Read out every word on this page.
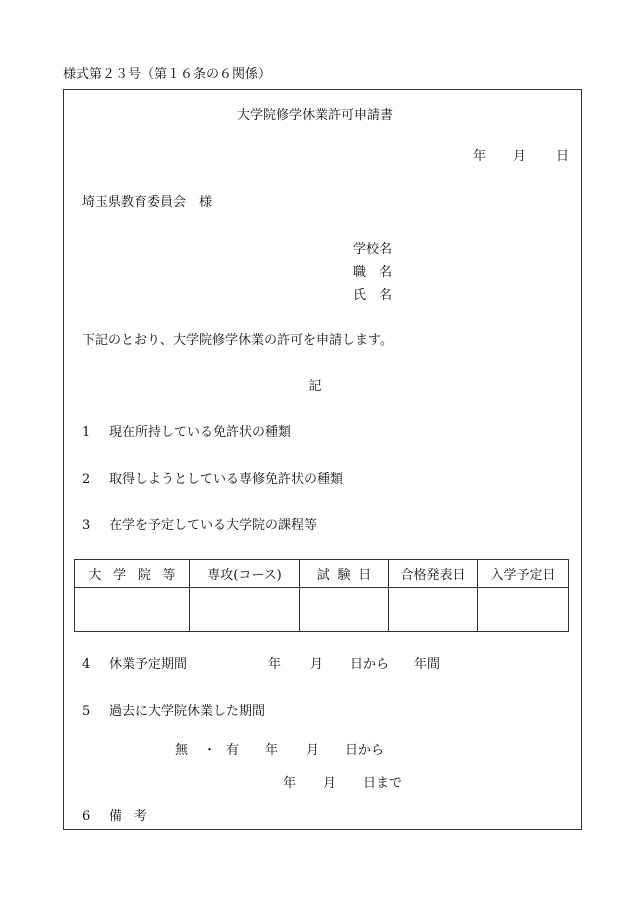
様式第２３号（第１６条の６関係）
大学院修学休業許可申請書
年 月 日
埼玉県教育委員会　様
学校名
職 名
氏 名
下記のとおり、大学院修学休業の許可を申請します。
記
1 現在所持している免許状の種類
2 取得しようとしている専修免許状の種類
3 在学を予定している大学院の課程等
大学院等	専攻(コース)	試験日	合格発表日	入学予定日

4 休業予定期間	年 月 日から 年間
5 過去に大学院休業した期間
無 ・ 有 年 月 日から
年 月 日まで
6 備考
